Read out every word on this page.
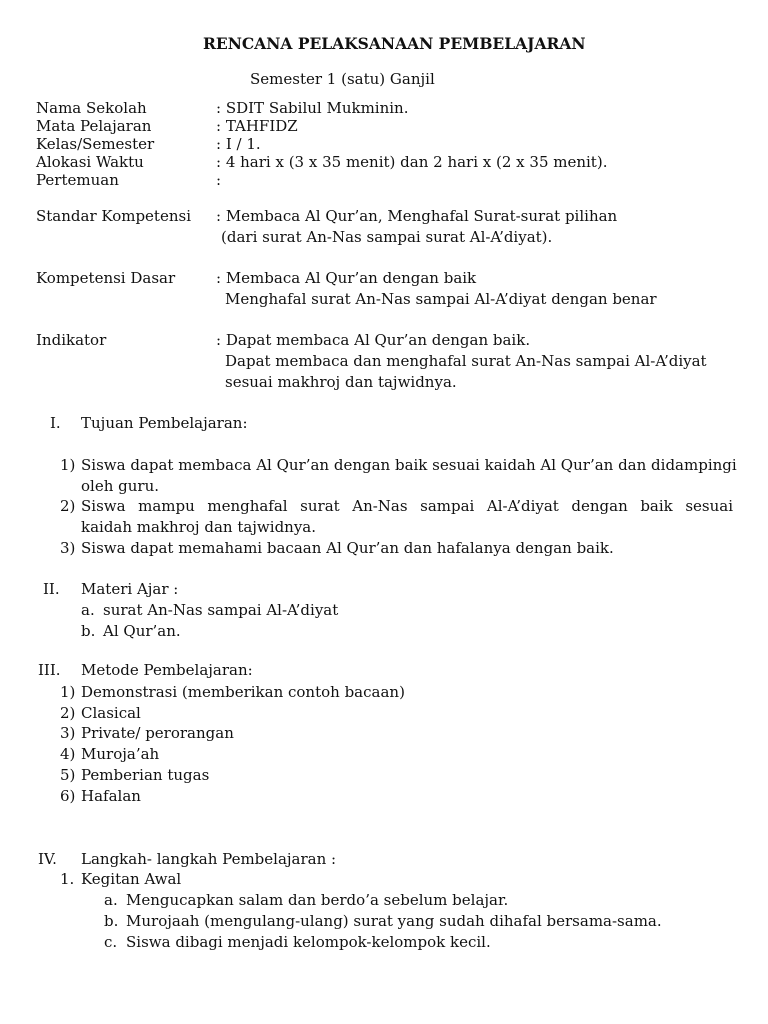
RENCANA PELAKSANAAN PEMBELAJARAN
Semester 1 (satu) Ganjil
Nama Sekolah	: SDIT Sabilul Mukminin.
Mata Pelajaran	: TAHFIDZ
Kelas/Semester	: I / 1.
Alokasi Waktu	: 4 hari x (3 x 35 menit) dan 2 hari x (2 x 35 menit).
Pertemuan	:
Standar Kompetensi : Membaca Al Qur’an, Menghafal Surat-surat pilihan
(dari surat An-Nas sampai surat Al-A’diyat).
Kompetensi Dasar	: Membaca Al Qur’an dengan baik
Menghafal surat An-Nas sampai Al-A’diyat dengan benar
Indikator	: Dapat membaca Al Qur’an dengan baik.
Dapat membaca dan menghafal surat An-Nas sampai Al-A’diyat
sesuai makhroj dan tajwidnya.
I. Tujuan Pembelajaran:
1) Siswa dapat membaca Al Qur’an dengan baik sesuai kaidah Al Qur’an dan didampingi
oleh guru.
2) Siswa mampu menghafal surat An-Nas sampai Al-A’diyat dengan baik sesuai
kaidah makhroj dan tajwidnya.
3) Siswa dapat memahami bacaan Al Qur’an dan hafalanya dengan baik.
II. Materi Ajar :
a. surat An-Nas sampai Al-A’diyat
b. Al Qur’an.
III. Metode Pembelajaran:
1) Demonstrasi (memberikan contoh bacaan)
2) Clasical
3) Private/ perorangan
4) Muroja’ah
5) Pemberian tugas
6) Hafalan
IV. Langkah- langkah Pembelajaran :
1. Kegitan Awal
a. Mengucapkan salam dan berdo’a sebelum belajar.
b. Murojaah (mengulang-ulang) surat yang sudah dihafal bersama-sama.
c. Siswa dibagi menjadi kelompok-kelompok kecil.
